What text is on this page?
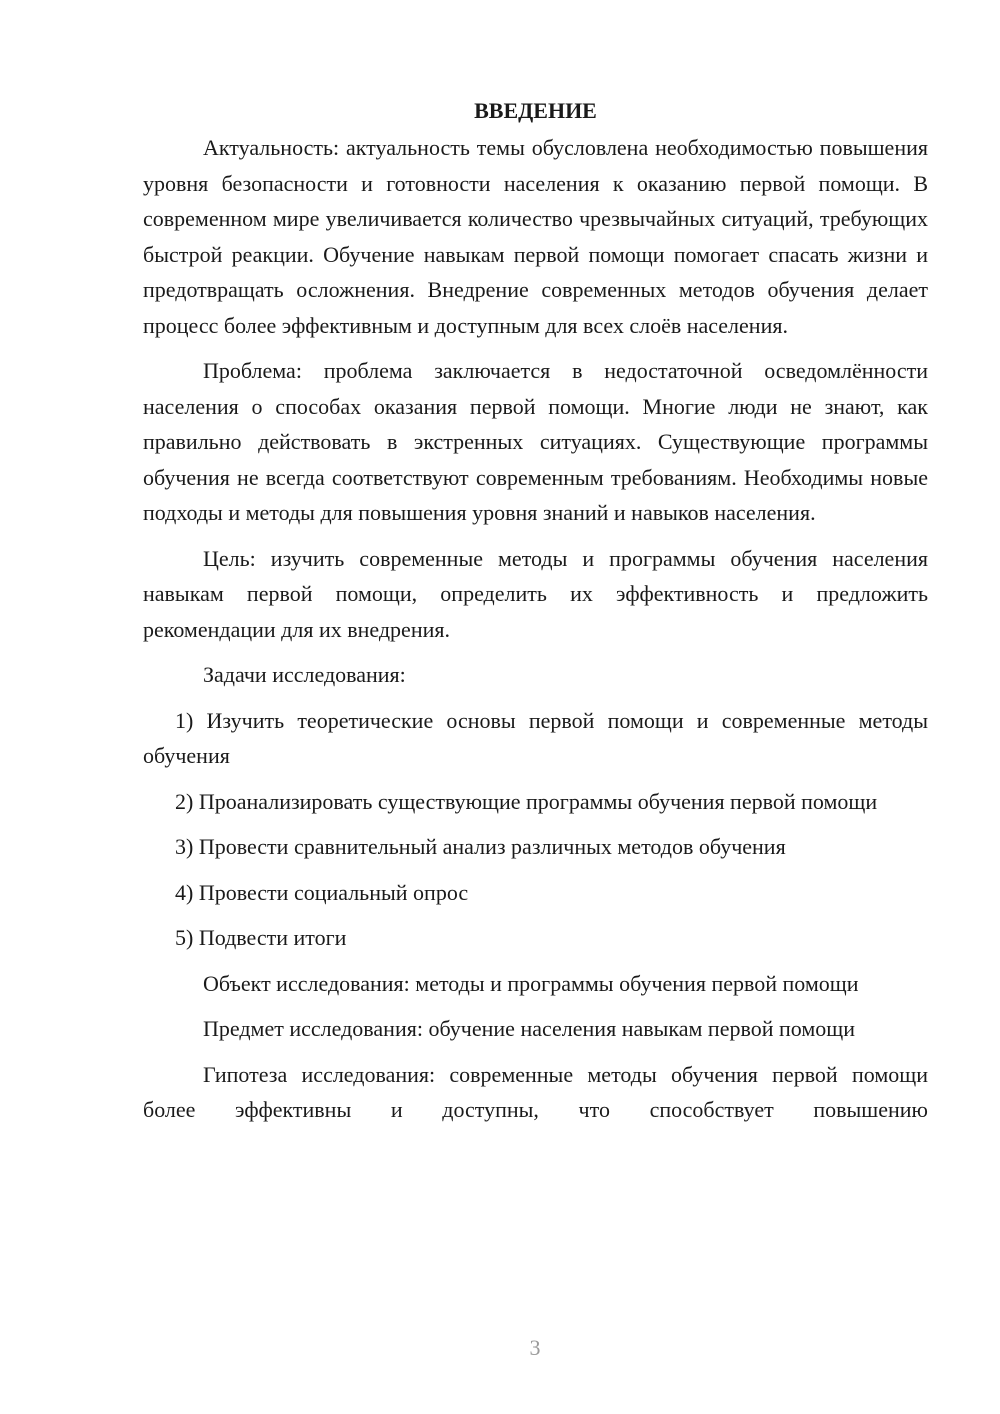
ВВЕДЕНИЕ

Актуальность: актуальность темы обусловлена необходимостью повышения уровня безопасности и готовности населения к оказанию первой помощи. В современном мире увеличивается количество чрезвычайных ситуаций, требующих быстрой реакции. Обучение навыкам первой помощи помогает спасать жизни и предотвращать осложнения. Внедрение современных методов обучения делает процесс более эффективным и доступным для всех слоёв населения.

Проблема: проблема заключается в недостаточной осведомлённости населения о способах оказания первой помощи. Многие люди не знают, как правильно действовать в экстренных ситуациях. Существующие программы обучения не всегда соответствуют современным требованиям. Необходимы новые подходы и методы для повышения уровня знаний и навыков населения.

Цель: изучить современные методы и программы обучения населения навыкам первой помощи, определить их эффективность и предложить рекомендации для их внедрения.

Задачи исследования:

1) Изучить теоретические основы первой помощи и современные методы обучения

2) Проанализировать существующие программы обучения первой помощи

3) Провести сравнительный анализ различных методов обучения

4) Провести социальный опрос

5) Подвести итоги

Объект исследования: методы и программы обучения первой помощи

Предмет исследования: обучение населения навыкам первой помощи

Гипотеза исследования: современные методы обучения первой помощи более эффективны и доступны, что способствует повышению

3
